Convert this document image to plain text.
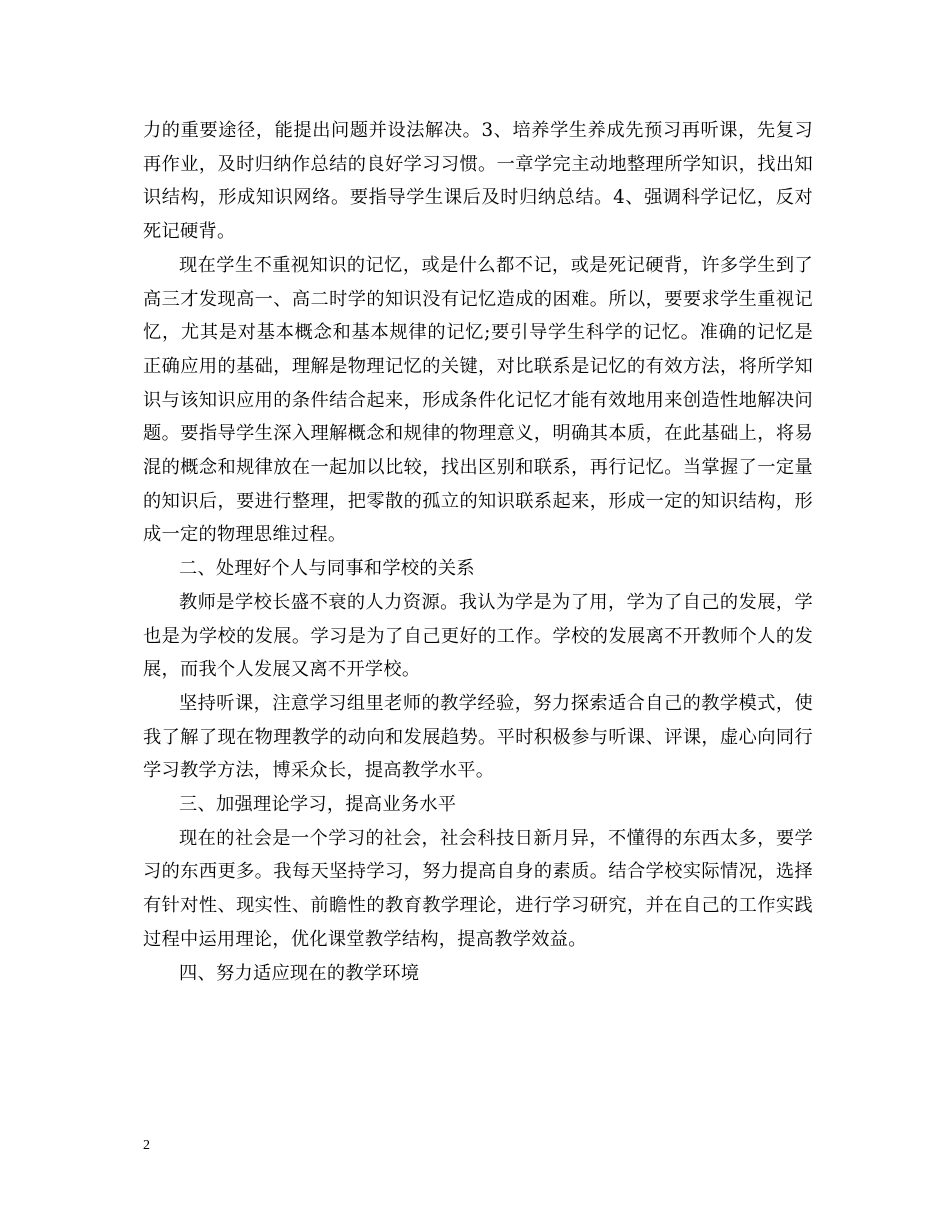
力的重要途径，能提出问题并设法解决。3、培养学生养成先预习再听课，先复习再作业，及时归纳作总结的良好学习习惯。一章学完主动地整理所学知识，找出知识结构，形成知识网络。要指导学生课后及时归纳总结。4、强调科学记忆，反对死记硬背。

现在学生不重视知识的记忆，或是什么都不记，或是死记硬背，许多学生到了高三才发现高一、高二时学的知识没有记忆造成的困难。所以，要要求学生重视记忆，尤其是对基本概念和基本规律的记忆;要引导学生科学的记忆。准确的记忆是正确应用的基础，理解是物理记忆的关键，对比联系是记忆的有效方法，将所学知识与该知识应用的条件结合起来，形成条件化记忆才能有效地用来创造性地解决问题。要指导学生深入理解概念和规律的物理意义，明确其本质，在此基础上，将易混的概念和规律放在一起加以比较，找出区别和联系，再行记忆。当掌握了一定量的知识后，要进行整理，把零散的孤立的知识联系起来，形成一定的知识结构，形成一定的物理思维过程。

二、处理好个人与同事和学校的关系

教师是学校长盛不衰的人力资源。我认为学是为了用，学为了自己的发展，学也是为学校的发展。学习是为了自己更好的工作。学校的发展离不开教师个人的发展，而我个人发展又离不开学校。

坚持听课，注意学习组里老师的教学经验，努力探索适合自己的教学模式，使我了解了现在物理教学的动向和发展趋势。平时积极参与听课、评课，虚心向同行学习教学方法，博采众长，提高教学水平。

三、加强理论学习，提高业务水平

现在的社会是一个学习的社会，社会科技日新月异，不懂得的东西太多，要学习的东西更多。我每天坚持学习，努力提高自身的素质。结合学校实际情况，选择有针对性、现实性、前瞻性的教育教学理论，进行学习研究，并在自己的工作实践过程中运用理论，优化课堂教学结构，提高教学效益。

四、努力适应现在的教学环境

2
